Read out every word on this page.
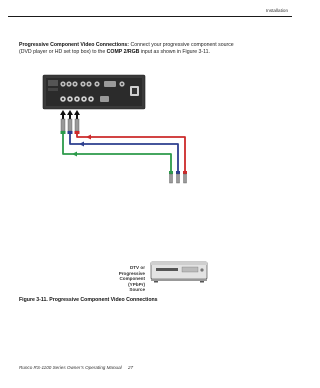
Installation
Progressive Component Video Connections: Connect your progressive component source (DVD player or HD set top box) to the COMP 2/RGB input as shown in Figure 3-11.
DTV or Progressive
Component (YPbPr)
Source
Figure 3-11. Progressive Component Video Connections
Runco RS-1100 Series Owner’s Operating Manual 27
